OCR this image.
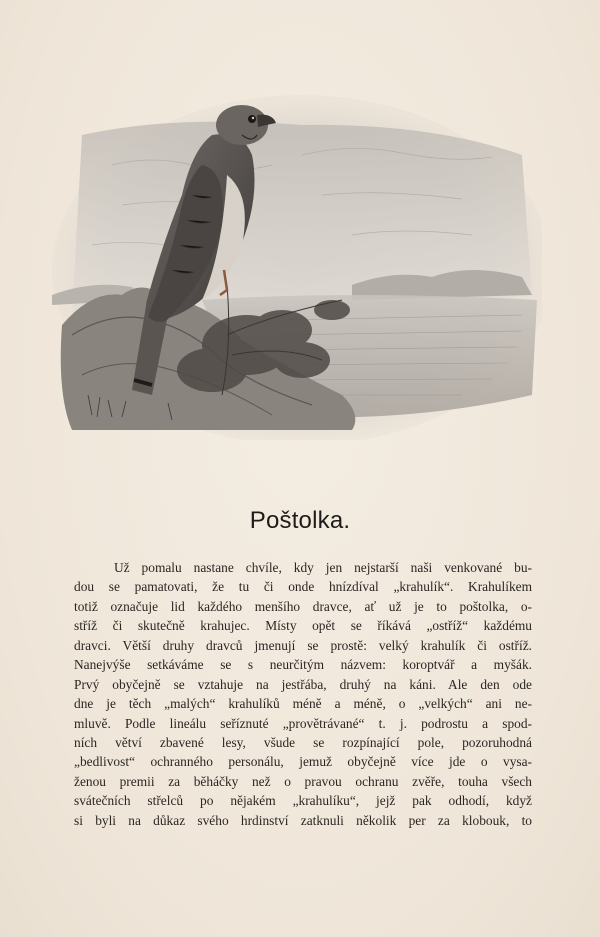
Poštolka.
Už pomalu nastane chvíle, kdy jen nejstarší naši venkované bu-
dou se pamatovati, že tu či onde hnízdíval „krahulík“. Krahulíkem
totiž označuje lid každého menšího dravce, ať už je to poštolka, o-
stříž či skutečně krahujec. Místy opět se říkává „ostříž“ každému
dravci. Větší druhy dravců jmenují se prostě: velký krahulík či ostříž.
Nanejvýše setkáváme se s neurčitým názvem: koroptvář a myšák.
Prvý obyčejně se vztahuje na jestřába, druhý na káni. Ale den ode
dne je těch „malých“ krahulíků méně a méně, o „velkých“ ani ne-
mluvě. Podle lineálu seříznuté „provětrávané“ t. j. podrostu a spod-
ních větví zbavené lesy, všude se rozpínající pole, pozoruhodná
„bedlivost“ ochranného personálu, jemuž obyčejně více jde o vysa-
ženou premii za běháčky než o pravou ochranu zvěře, touha všech
svátečních střelců po nějakém „krahulíku“, jejž pak odhodí, když
si byli na důkaz svého hrdinství zatknuli několik per za klobouk, to
